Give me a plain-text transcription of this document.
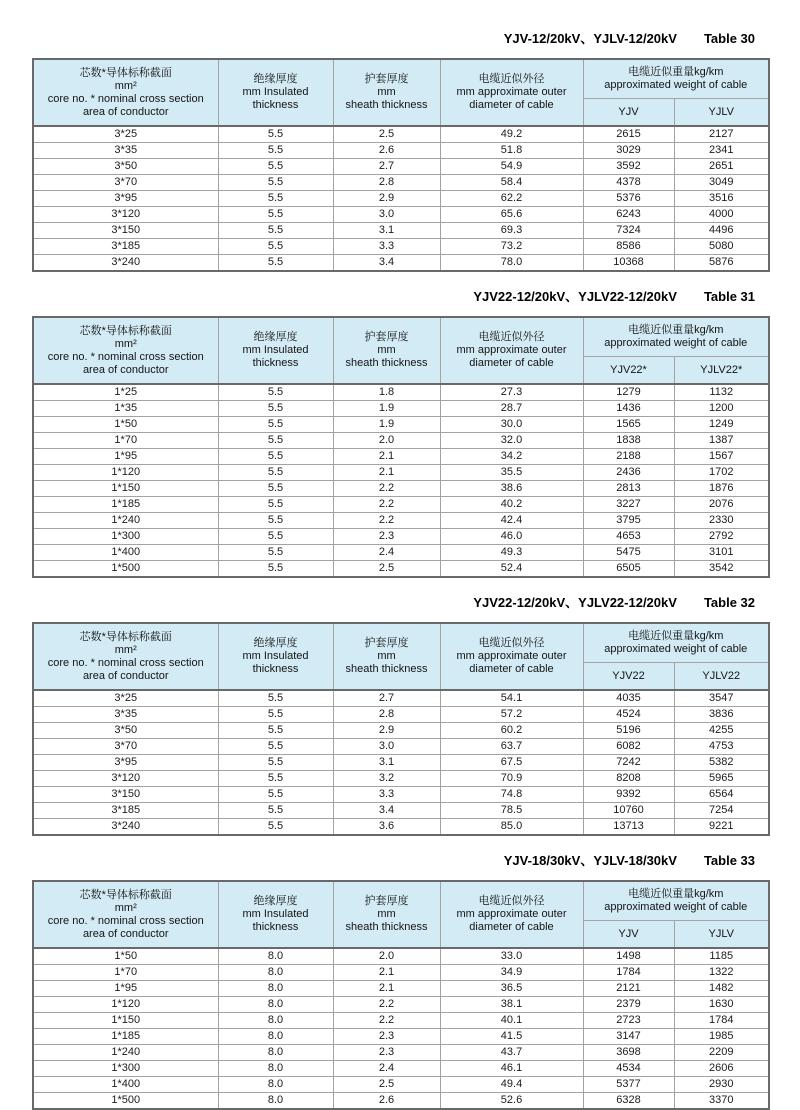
YJV-12/20kV、YJLV-12/20kV Table 30
芯数*导体标称截面
mm²
core no. * nominal cross section
area of conductor	绝缘厚度
mm Insulated
thickness	护套厚度
mm
sheath thickness	电缆近似外径
mm approximate outer
diameter of cable	电缆近似重量kg/km
approximated weight of cable	

				YJV	YJLV
3*25	5.5	2.5	49.2	2615	2127
3*35	5.5	2.6	51.8	3029	2341
3*50	5.5	2.7	54.9	3592	2651
3*70	5.5	2.8	58.4	4378	3049
3*95	5.5	2.9	62.2	5376	3516
3*120	5.5	3.0	65.6	6243	4000
3*150	5.5	3.1	69.3	7324	4496
3*185	5.5	3.3	73.2	8586	5080
3*240	5.5	3.4	78.0	10368	5876
YJV22-12/20kV、YJLV22-12/20kV Table 31
芯数*导体标称截面
mm²
core no. * nominal cross section
area of conductor	绝缘厚度
mm Insulated
thickness	护套厚度
mm
sheath thickness	电缆近似外径
mm approximate outer
diameter of cable	电缆近似重量kg/km
approximated weight of cable	

				YJV22*	YJLV22*
1*25	5.5	1.8	27.3	1279	1132
1*35	5.5	1.9	28.7	1436	1200
1*50	5.5	1.9	30.0	1565	1249
1*70	5.5	2.0	32.0	1838	1387
1*95	5.5	2.1	34.2	2188	1567
1*120	5.5	2.1	35.5	2436	1702
1*150	5.5	2.2	38.6	2813	1876
1*185	5.5	2.2	40.2	3227	2076
1*240	5.5	2.2	42.4	3795	2330
1*300	5.5	2.3	46.0	4653	2792
1*400	5.5	2.4	49.3	5475	3101
1*500	5.5	2.5	52.4	6505	3542
YJV22-12/20kV、YJLV22-12/20kV Table 32
芯数*导体标称截面
mm²
core no. * nominal cross section
area of conductor	绝缘厚度
mm Insulated
thickness	护套厚度
mm
sheath thickness	电缆近似外径
mm approximate outer
diameter of cable	电缆近似重量kg/km
approximated weight of cable	

				YJV22	YJLV22
3*25	5.5	2.7	54.1	4035	3547
3*35	5.5	2.8	57.2	4524	3836
3*50	5.5	2.9	60.2	5196	4255
3*70	5.5	3.0	63.7	6082	4753
3*95	5.5	3.1	67.5	7242	5382
3*120	5.5	3.2	70.9	8208	5965
3*150	5.5	3.3	74.8	9392	6564
3*185	5.5	3.4	78.5	10760	7254
3*240	5.5	3.6	85.0	13713	9221
YJV-18/30kV、YJLV-18/30kV Table 33
芯数*导体标称截面
mm²
core no. * nominal cross section
area of conductor	绝缘厚度
mm Insulated
thickness	护套厚度
mm
sheath thickness	电缆近似外径
mm approximate outer
diameter of cable	电缆近似重量kg/km
approximated weight of cable	

				YJV	YJLV
1*50	8.0	2.0	33.0	1498	1185
1*70	8.0	2.1	34.9	1784	1322
1*95	8.0	2.1	36.5	2121	1482
1*120	8.0	2.2	38.1	2379	1630
1*150	8.0	2.2	40.1	2723	1784
1*185	8.0	2.3	41.5	3147	1985
1*240	8.0	2.3	43.7	3698	2209
1*300	8.0	2.4	46.1	4534	2606
1*400	8.0	2.5	49.4	5377	2930
1*500	8.0	2.6	52.6	6328	3370
